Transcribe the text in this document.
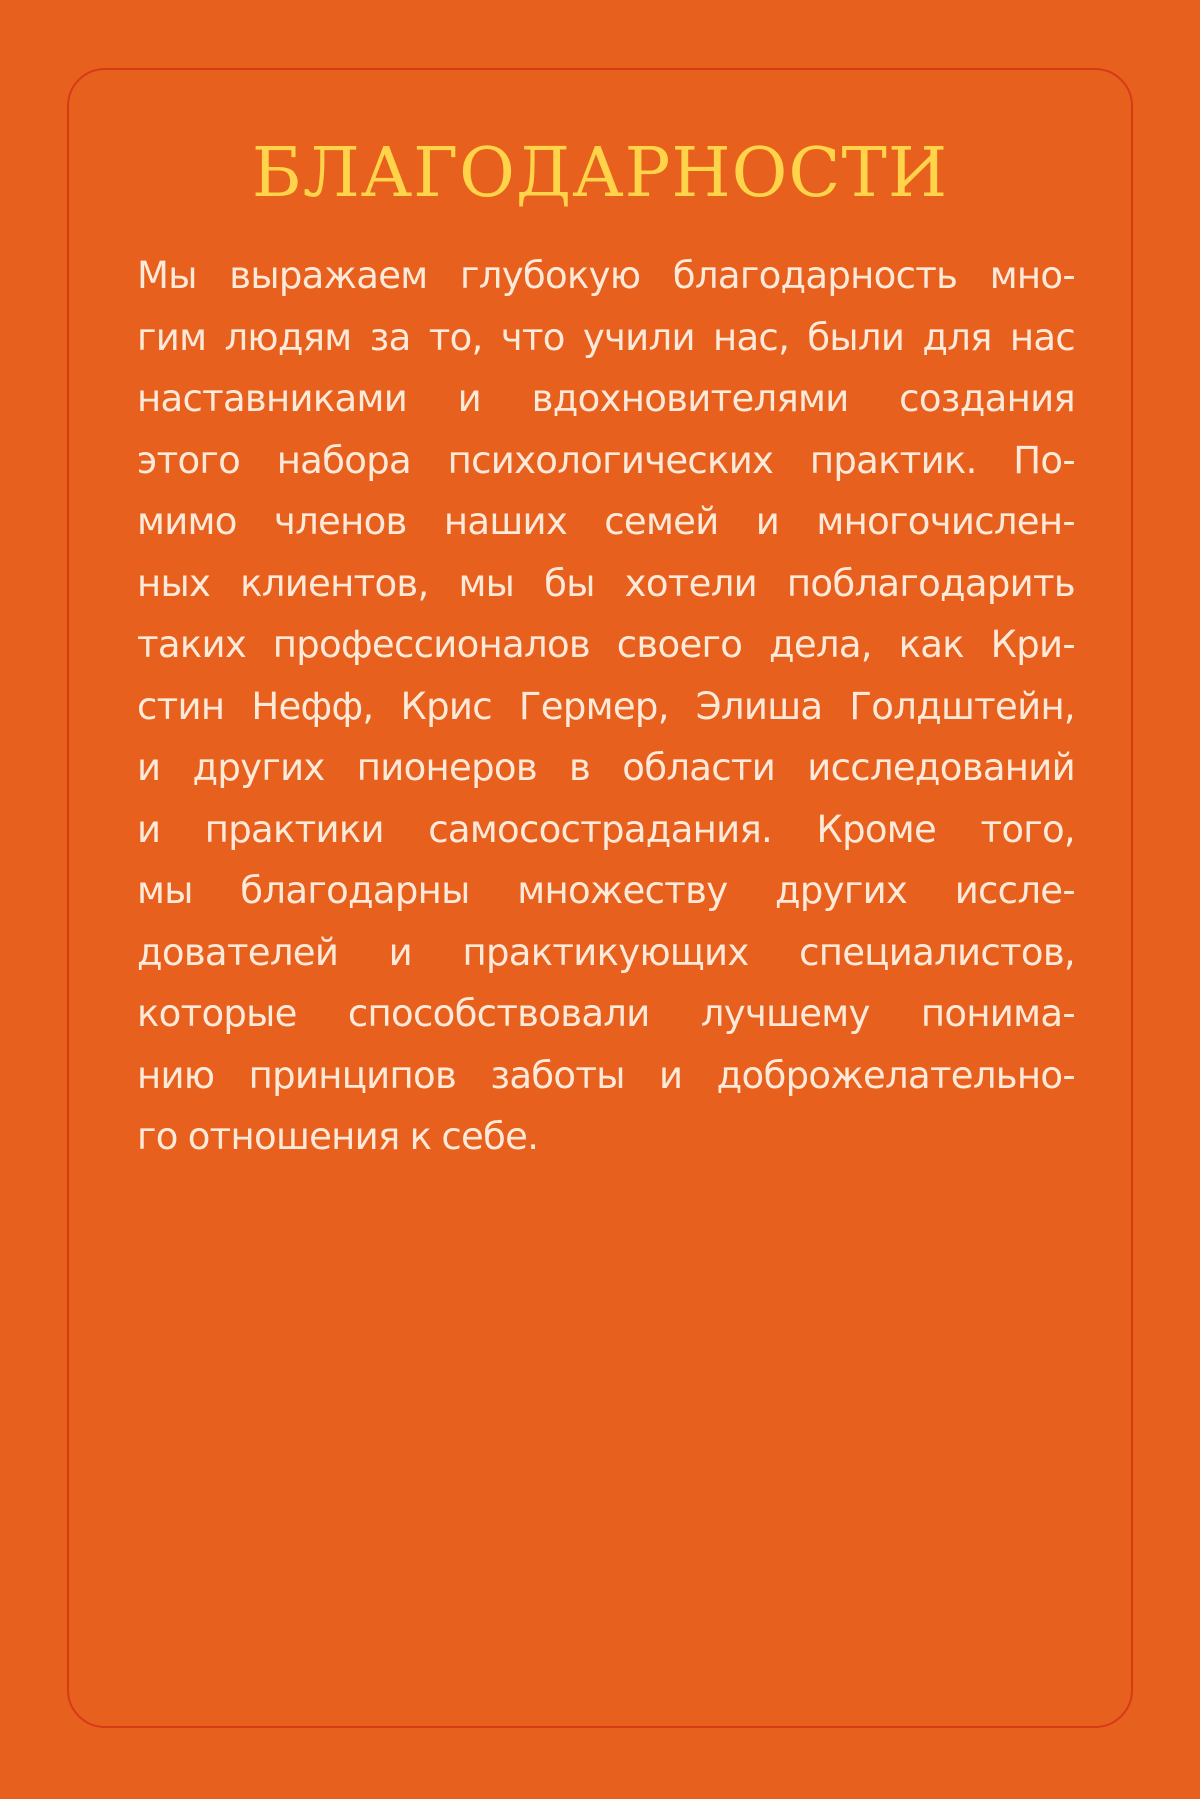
БЛАГОДАРНОСТИ
Мы выражаем глубокую благодарность мно-
гим людям за то, что учили нас, были для нас
наставниками и вдохновителями создания
этого набора психологических практик. По-
мимо членов наших семей и многочислен-
ных клиентов, мы бы хотели поблагодарить
таких профессионалов своего дела, как Кри-
стин Нефф, Крис Гермер, Элиша Голдштейн,
и других пионеров в области исследований
и практики самосострадания. Кроме того,
мы благодарны множеству других иссле-
дователей и практикующих специалистов,
которые способствовали лучшему понима-
нию принципов заботы и доброжелательно-
го отношения к себе.
